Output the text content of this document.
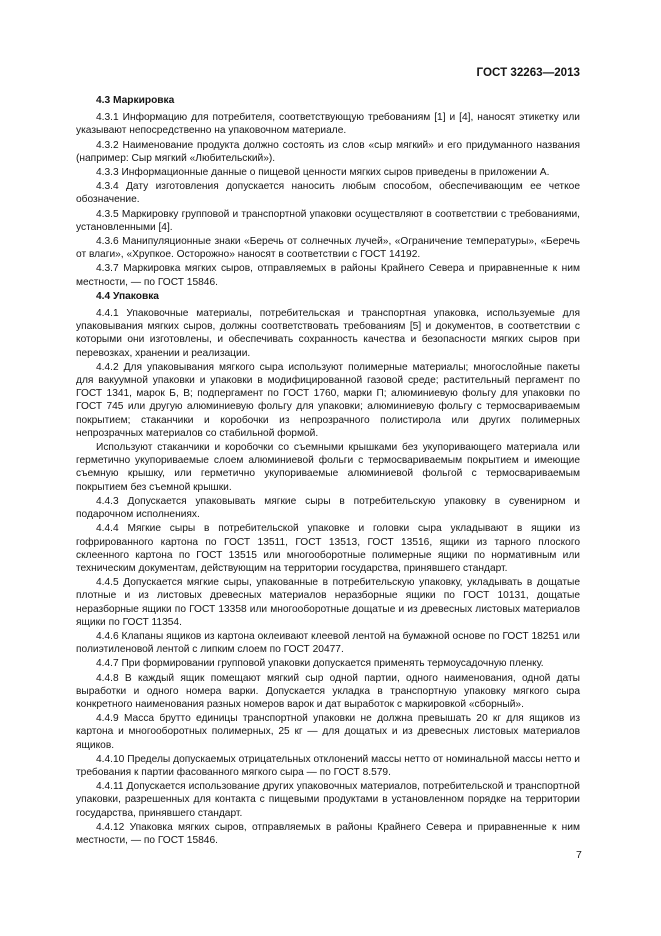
ГОСТ 32263—2013

4.3 Маркировка

4.3.1 Информацию для потребителя, соответствующую требованиям [1] и [4], наносят этикетку или указывают непосредственно на упаковочном материале.

4.3.2 Наименование продукта должно состоять из слов «сыр мягкий» и его придуманного названия (например: Сыр мягкий «Любительский»).

4.3.3 Информационные данные о пищевой ценности мягких сыров приведены в приложении А.

4.3.4 Дату изготовления допускается наносить любым способом, обеспечивающим ее четкое обозначение.

4.3.5 Маркировку групповой и транспортной упаковки осуществляют в соответствии с требованиями, установленными [4].

4.3.6 Манипуляционные знаки «Беречь от солнечных лучей», «Ограничение температуры», «Беречь от влаги», «Хрупкое. Осторожно» наносят в соответствии с ГОСТ 14192.

4.3.7 Маркировка мягких сыров, отправляемых в районы Крайнего Севера и приравненные к ним местности, — по ГОСТ 15846.

4.4 Упаковка

4.4.1 Упаковочные материалы, потребительская и транспортная упаковка, используемые для упаковывания мягких сыров, должны соответствовать требованиям [5] и документов, в соответствии с которыми они изготовлены, и обеспечивать сохранность качества и безопасности мягких сыров при перевозках, хранении и реализации.

4.4.2 Для упаковывания мягкого сыра используют полимерные материалы; многослойные пакеты для вакуумной упаковки и упаковки в модифицированной газовой среде; растительный пергамент по ГОСТ 1341, марок Б, В; подпергамент по ГОСТ 1760, марки П; алюминиевую фольгу для упаковки по ГОСТ 745 или другую алюминиевую фольгу для упаковки; алюминиевую фольгу с термосвариваемым покрытием; стаканчики и коробочки из непрозрачного полистирола или других полимерных непрозрачных материалов со стабильной формой.

Используют стаканчики и коробочки со съемными крышками без укупоривающего материала или герметично укупориваемые слоем алюминиевой фольги с термосвариваемым покрытием и имеющие съемную крышку, или герметично укупориваемые алюминиевой фольгой с термосвариваемым покрытием без съемной крышки.

4.4.3 Допускается упаковывать мягкие сыры в потребительскую упаковку в сувенирном и подарочном исполнениях.

4.4.4 Мягкие сыры в потребительской упаковке и головки сыра укладывают в ящики из гофрированного картона по ГОСТ 13511, ГОСТ 13513, ГОСТ 13516, ящики из тарного плоского склеенного картона по ГОСТ 13515 или многооборотные полимерные ящики по нормативным или техническим документам, действующим на территории государства, принявшего стандарт.

4.4.5 Допускается мягкие сыры, упакованные в потребительскую упаковку, укладывать в дощатые плотные и из листовых древесных материалов неразборные ящики по ГОСТ 10131, дощатые неразборные ящики по ГОСТ 13358 или многооборотные дощатые и из древесных листовых материалов ящики по ГОСТ 11354.

4.4.6 Клапаны ящиков из картона оклеивают клеевой лентой на бумажной основе по ГОСТ 18251 или полиэтиленовой лентой с липким слоем по ГОСТ 20477.

4.4.7 При формировании групповой упаковки допускается применять термоусадочную пленку.

4.4.8 В каждый ящик помещают мягкий сыр одной партии, одного наименования, одной даты выработки и одного номера варки. Допускается укладка в транспортную упаковку мягкого сыра конкретного наименования разных номеров варок и дат выработок с маркировкой «сборный».

4.4.9 Масса брутто единицы транспортной упаковки не должна превышать 20 кг для ящиков из картона и многооборотных полимерных, 25 кг — для дощатых и из древесных листовых материалов ящиков.

4.4.10 Пределы допускаемых отрицательных отклонений массы нетто от номинальной массы нетто и требования к партии фасованного мягкого сыра — по ГОСТ 8.579.

4.4.11 Допускается использование других упаковочных материалов, потребительской и транспортной упаковки, разрешенных для контакта с пищевыми продуктами в установленном порядке на территории государства, принявшего стандарт.

4.4.12 Упаковка мягких сыров, отправляемых в районы Крайнего Севера и приравненные к ним местности, — по ГОСТ 15846.

7
